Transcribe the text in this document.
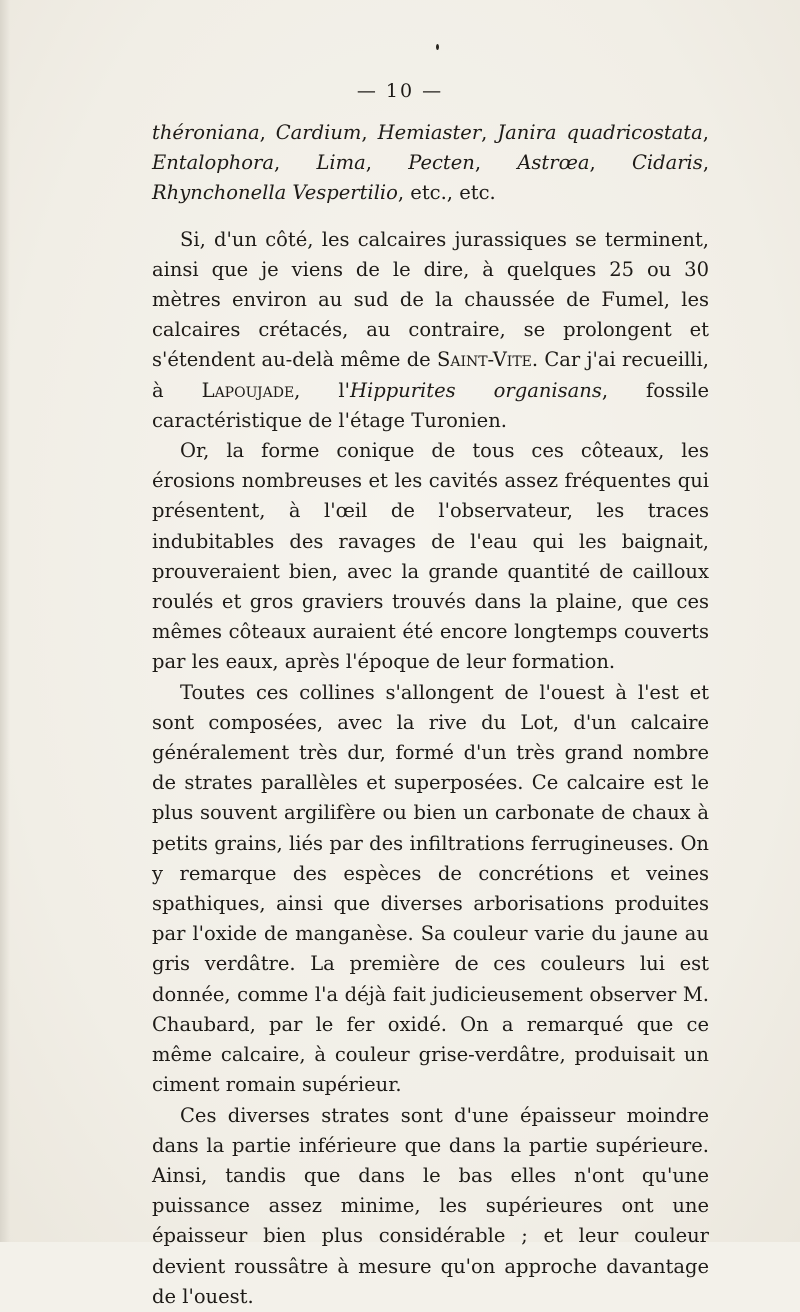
— 10 —

théroniana, Cardium, Hemiaster, Janira quadricostata, Entalophora, Lima, Pecten, Astrœa, Cidaris, Rhynchonella Vespertilio, etc., etc.

Si, d'un côté, les calcaires jurassiques se terminent, ainsi que je viens de le dire, à quelques 25 ou 30 mètres environ au sud de la chaussée de Fumel, les calcaires crétacés, au contraire, se prolongent et s'étendent au-delà même de Saint-Vite. Car j'ai recueilli, à Lapoujade, l'Hippurites organisans, fossile caractéristique de l'étage Turonien.

Or, la forme conique de tous ces côteaux, les érosions nombreuses et les cavités assez fréquentes qui présentent, à l'œil de l'observateur, les traces indubitables des ravages de l'eau qui les baignait, prouveraient bien, avec la grande quantité de cailloux roulés et gros graviers trouvés dans la plaine, que ces mêmes côteaux auraient été encore longtemps couverts par les eaux, après l'époque de leur formation.

Toutes ces collines s'allongent de l'ouest à l'est et sont composées, avec la rive du Lot, d'un calcaire généralement très dur, formé d'un très grand nombre de strates parallèles et superposées. Ce calcaire est le plus souvent argilifère ou bien un carbonate de chaux à petits grains, liés par des infiltrations ferrugineuses. On y remarque des espèces de concrétions et veines spathiques, ainsi que diverses arborisations produites par l'oxide de manganèse. Sa couleur varie du jaune au gris verdâtre. La première de ces couleurs lui est donnée, comme l'a déjà fait judicieusement observer M. Chaubard, par le fer oxidé. On a remarqué que ce même calcaire, à couleur grise-verdâtre, produisait un ciment romain supérieur.

Ces diverses strates sont d'une épaisseur moindre dans la partie inférieure que dans la partie supérieure. Ainsi, tandis que dans le bas elles n'ont qu'une puissance assez minime, les supérieures ont une épaisseur bien plus considérable ; et leur couleur devient roussâtre à mesure qu'on approche davantage de l'ouest.
